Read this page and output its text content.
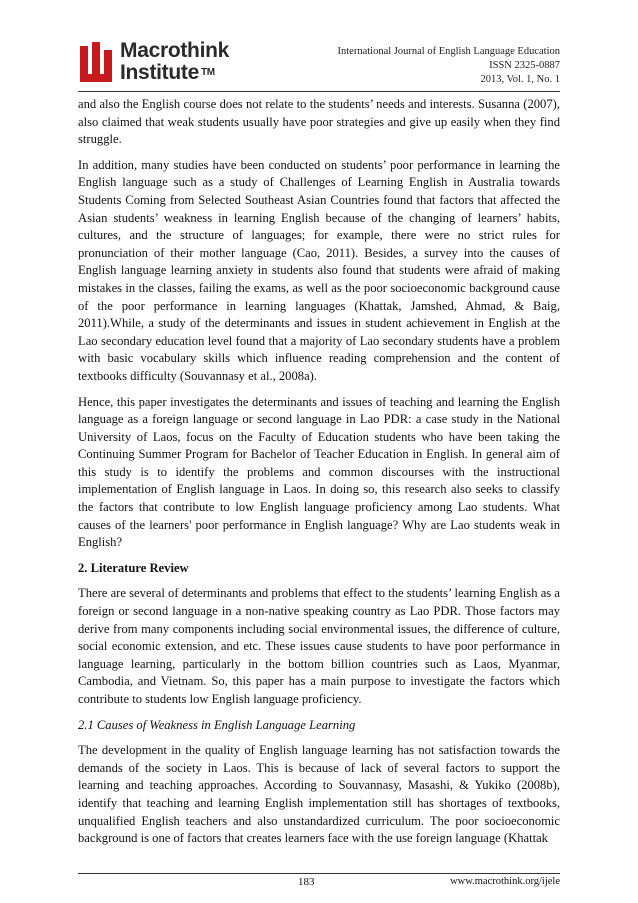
Macrothink
Institute ™
International Journal of English Language Education
ISSN 2325-0887
2013, Vol. 1, No. 1

and also the English course does not relate to the students’ needs and interests. Susanna (2007), also claimed that weak students usually have poor strategies and give up easily when they find struggle.

In addition, many studies have been conducted on students’ poor performance in learning the English language such as a study of Challenges of Learning English in Australia towards Students Coming from Selected Southeast Asian Countries found that factors that affected the Asian students’ weakness in learning English because of the changing of learners’ habits, cultures, and the structure of languages; for example, there were no strict rules for pronunciation of their mother language (Cao, 2011). Besides, a survey into the causes of English language learning anxiety in students also found that students were afraid of making mistakes in the classes, failing the exams, as well as the poor socioeconomic background cause of the poor performance in learning languages (Khattak, Jamshed, Ahmad, & Baig, 2011).While, a study of the determinants and issues in student achievement in English at the Lao secondary education level found that a majority of Lao secondary students have a problem with basic vocabulary skills which influence reading comprehension and the content of textbooks difficulty (Souvannasy et al., 2008a).

Hence, this paper investigates the determinants and issues of teaching and learning the English language as a foreign language or second language in Lao PDR: a case study in the National University of Laos, focus on the Faculty of Education students who have been taking the Continuing Summer Program for Bachelor of Teacher Education in English. In general aim of this study is to identify the problems and common discourses with the instructional implementation of English language in Laos. In doing so, this research also seeks to classify the factors that contribute to low English language proficiency among Lao students. What causes of the learners' poor performance in English language? Why are Lao students weak in English?

2. Literature Review

There are several of determinants and problems that effect to the students’ learning English as a foreign or second language in a non-native speaking country as Lao PDR. Those factors may derive from many components including social environmental issues, the difference of culture, social economic extension, and etc. These issues cause students to have poor performance in language learning, particularly in the bottom billion countries such as Laos, Myanmar, Cambodia, and Vietnam. So, this paper has a main purpose to investigate the factors which contribute to students low English language proficiency.

2.1 Causes of Weakness in English Language Learning

The development in the quality of English language learning has not satisfaction towards the demands of the society in Laos. This is because of lack of several factors to support the learning and teaching approaches. According to Souvannasy, Masashi, & Yukiko (2008b), identify that teaching and learning English implementation still has shortages of textbooks, unqualified English teachers and also unstandardized curriculum. The poor socioeconomic background is one of factors that creates learners face with the use foreign language (Khattak

183	www.macrothink.org/ijele
